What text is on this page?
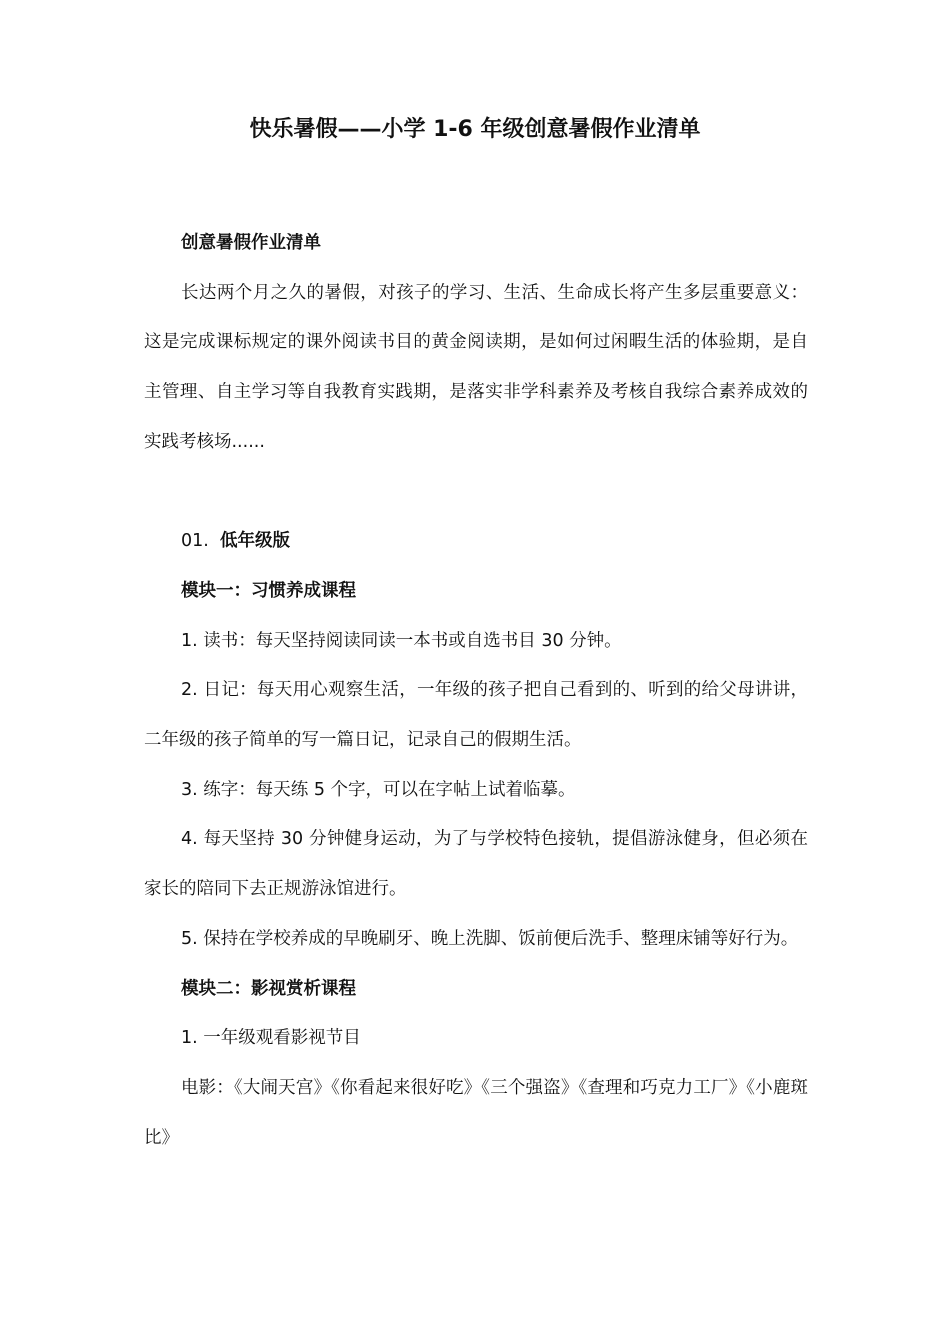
快乐暑假——小学 1-6 年级创意暑假作业清单

创意暑假作业清单

长达两个月之久的暑假，对孩子的学习、生活、生命成长将产生多层重要意义：这是完成课标规定的课外阅读书目的黄金阅读期，是如何过闲暇生活的体验期，是自主管理、自主学习等自我教育实践期，是落实非学科素养及考核自我综合素养成效的实践考核场......

01. 低年级版

模块一：习惯养成课程

1. 读书：每天坚持阅读同读一本书或自选书目 30 分钟。

2. 日记：每天用心观察生活，一年级的孩子把自己看到的、听到的给父母讲讲，二年级的孩子简单的写一篇日记，记录自己的假期生活。

3. 练字：每天练 5 个字，可以在字帖上试着临摹。

4. 每天坚持 30 分钟健身运动，为了与学校特色接轨，提倡游泳健身，但必须在家长的陪同下去正规游泳馆进行。

5. 保持在学校养成的早晚刷牙、晚上洗脚、饭前便后洗手、整理床铺等好行为。

模块二：影视赏析课程

1. 一年级观看影视节目

电影：《大闹天宫》《你看起来很好吃》《三个强盗》《查理和巧克力工厂》《小鹿斑比》
